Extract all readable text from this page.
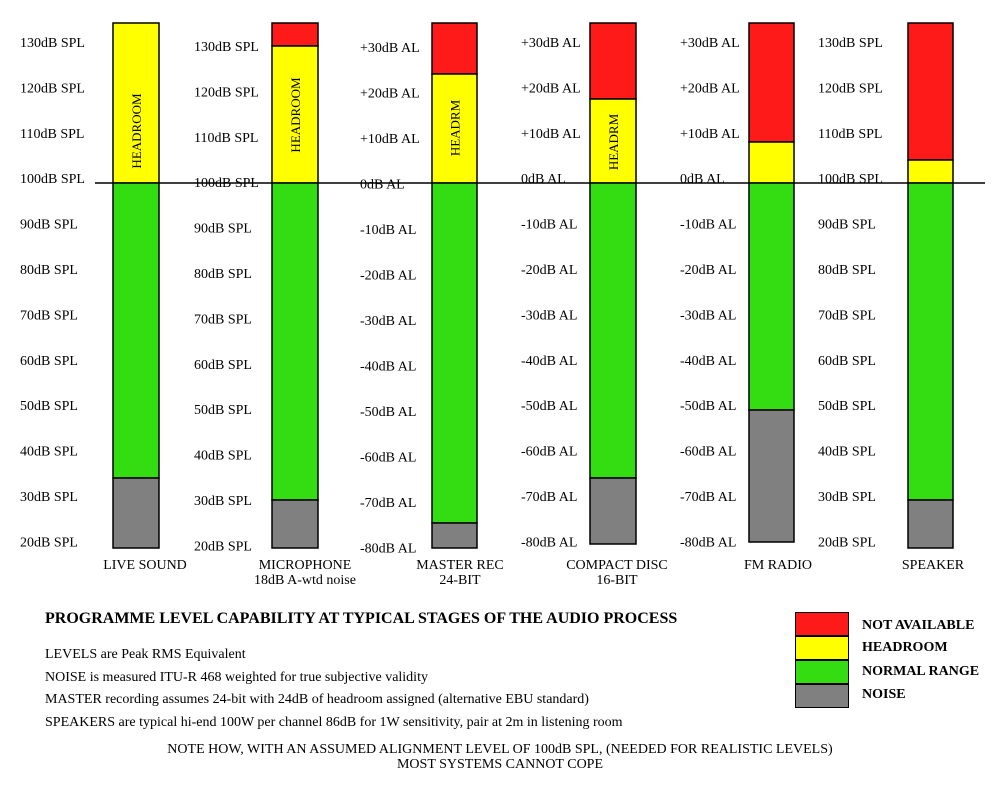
HEADROOM
130dB SPL
120dB SPL
110dB SPL
100dB SPL
90dB SPL
80dB SPL
70dB SPL
60dB SPL
50dB SPL
40dB SPL
30dB SPL
20dB SPL
LIVE SOUND
HEADROOM
130dB SPL
120dB SPL
110dB SPL
100dB SPL
90dB SPL
80dB SPL
70dB SPL
60dB SPL
50dB SPL
40dB SPL
30dB SPL
20dB SPL
MICROPHONE
18dB A-wtd noise
HEADRM
+30dB AL
+20dB AL
+10dB AL
0dB AL
-10dB AL
-20dB AL
-30dB AL
-40dB AL
-50dB AL
-60dB AL
-70dB AL
-80dB AL
MASTER REC
24-BIT
HEADRM
+30dB AL
+20dB AL
+10dB AL
0dB AL
-10dB AL
-20dB AL
-30dB AL
-40dB AL
-50dB AL
-60dB AL
-70dB AL
-80dB AL
COMPACT DISC
16-BIT
+30dB AL
+20dB AL
+10dB AL
0dB AL
-10dB AL
-20dB AL
-30dB AL
-40dB AL
-50dB AL
-60dB AL
-70dB AL
-80dB AL
FM RADIO
130dB SPL
120dB SPL
110dB SPL
100dB SPL
90dB SPL
80dB SPL
70dB SPL
60dB SPL
50dB SPL
40dB SPL
30dB SPL
20dB SPL
SPEAKER
PROGRAMME LEVEL CAPABILITY AT TYPICAL STAGES OF THE AUDIO PROCESS
LEVELS are Peak RMS Equivalent
NOISE is measured ITU-R 468 weighted for true subjective validity
MASTER recording assumes 24-bit with 24dB of headroom assigned (alternative EBU standard)
SPEAKERS are typical hi-end 100W per channel 86dB for 1W sensitivity, pair at 2m in listening room
NOTE HOW, WITH AN ASSUMED ALIGNMENT LEVEL OF 100dB SPL, (NEEDED FOR REALISTIC LEVELS)
MOST SYSTEMS CANNOT COPE
NOT AVAILABLE
HEADROOM
NORMAL RANGE
NOISE
